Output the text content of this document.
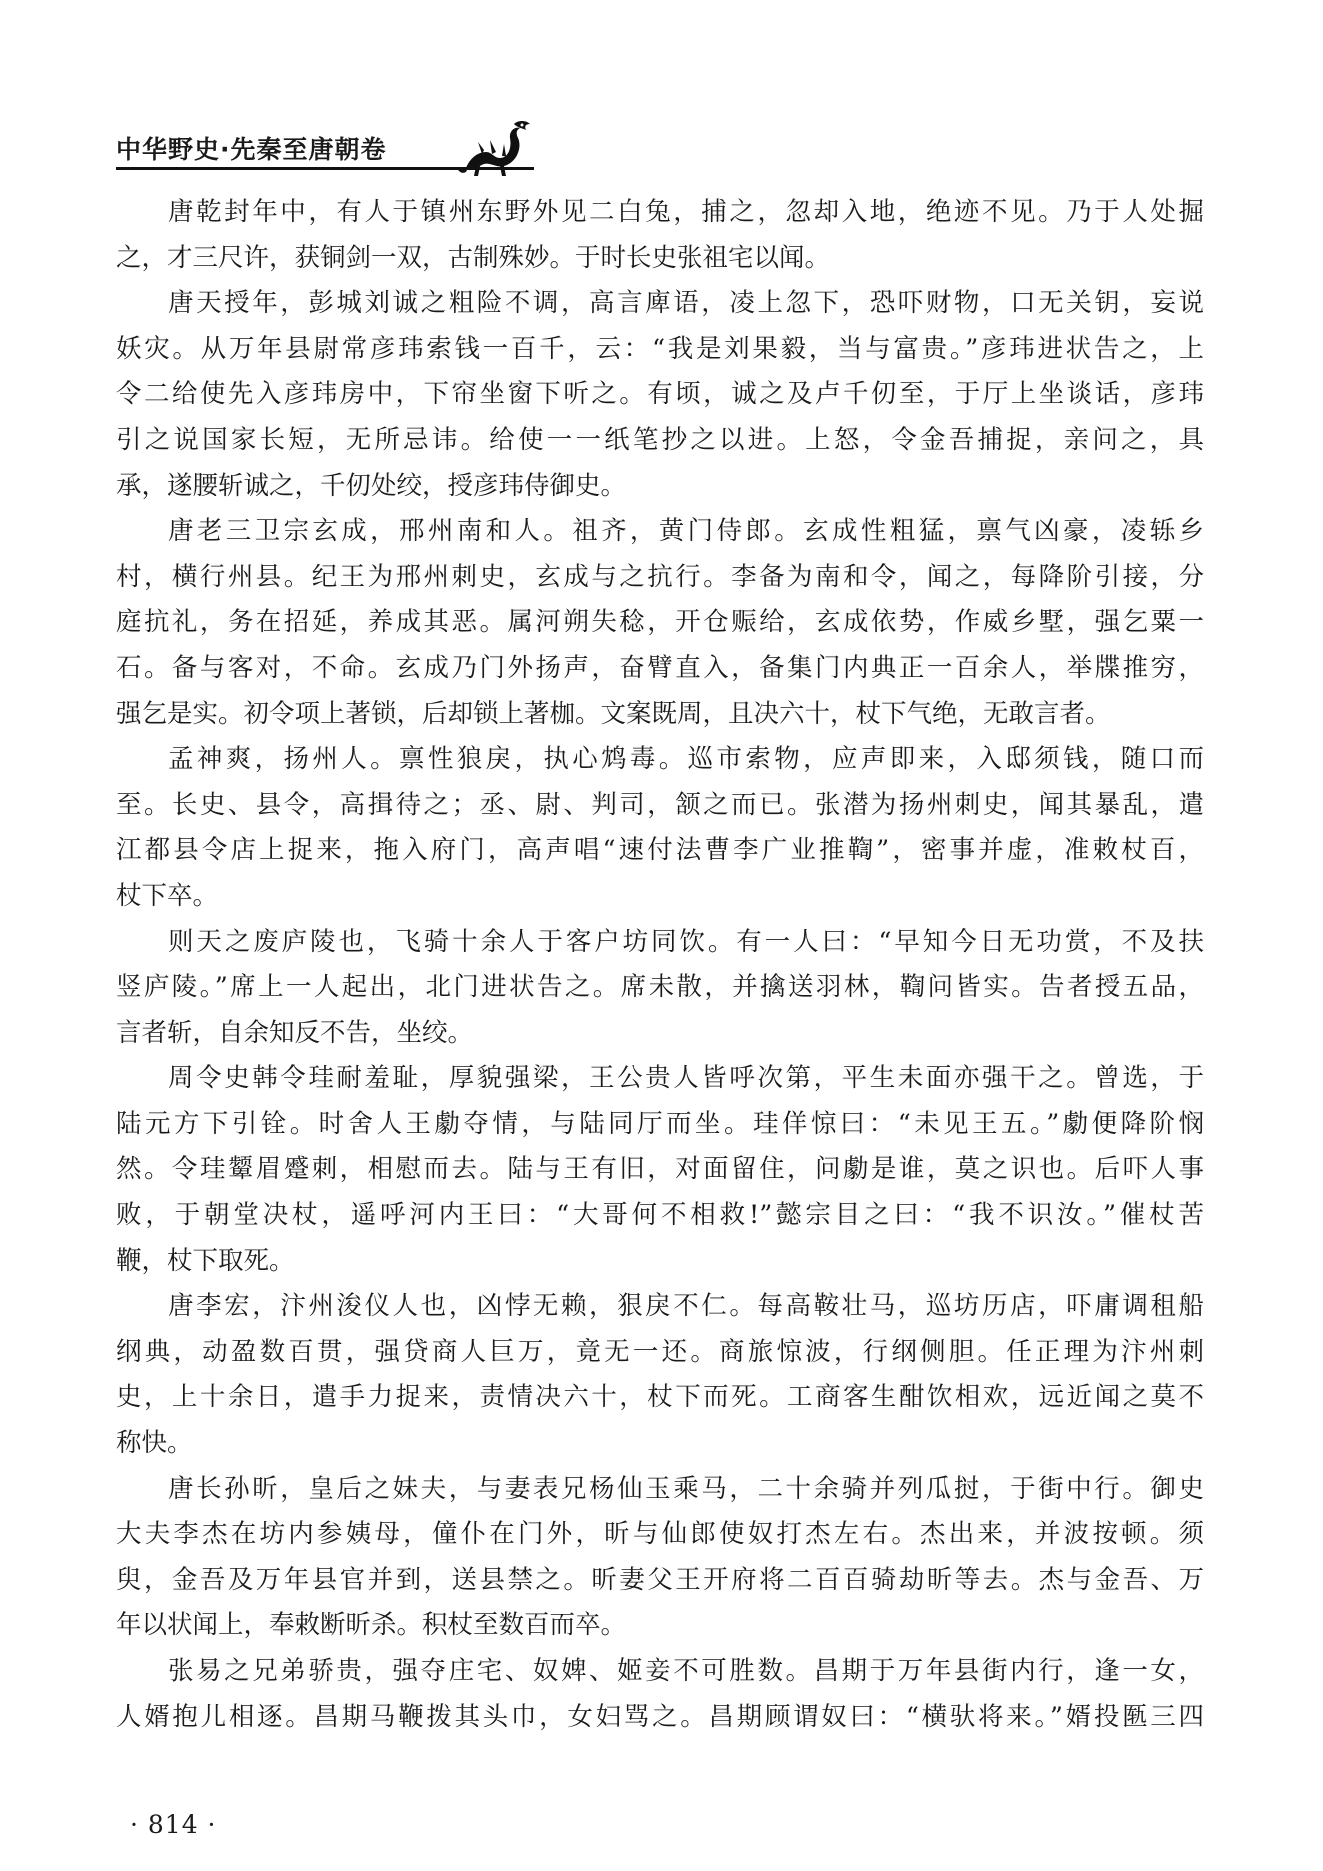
中华野史·先秦至唐朝卷
唐乾封年中，有人于镇州东野外见二白兔，捕之，忽却入地，绝迹不见。乃于人处掘
之，才三尺许，获铜剑一双，古制殊妙。于时长史张祖宅以闻。
唐天授年，彭城刘诚之粗险不调，高言庳语，凌上忽下，恐吓财物，口无关钥，妄说
妖灾。从万年县尉常彦玮索钱一百千，云：“我是刘果毅，当与富贵。”彦玮进状告之，上
令二给使先入彦玮房中，下帘坐窗下听之。有顷，诚之及卢千仞至，于厅上坐谈话，彦玮
引之说国家长短，无所忌讳。给使一一纸笔抄之以进。上怒，令金吾捕捉，亲问之，具
承，遂腰斩诚之，千仞处绞，授彦玮侍御史。
唐老三卫宗玄成，邢州南和人。祖齐，黄门侍郎。玄成性粗猛，禀气凶豪，凌轹乡
村，横行州县。纪王为邢州刺史，玄成与之抗行。李备为南和令，闻之，每降阶引接，分
庭抗礼，务在招延，养成其恶。属河朔失稔，开仓赈给，玄成依势，作威乡墅，强乞粟一
石。备与客对，不命。玄成乃门外扬声，奋臂直入，备集门内典正一百余人，举牒推穷，
强乞是实。初令项上著锁，后却锁上著枷。文案既周，且决六十，杖下气绝，无敢言者。
孟神爽，扬州人。禀性狼戾，执心鸩毒。巡市索物，应声即来，入邸须钱，随口而
至。长史、县令，高揖待之；丞、尉、判司，颔之而已。张潜为扬州刺史，闻其暴乱，遣
江都县令店上捉来，拖入府门，高声唱“速付法曹李广业推鞫”，密事并虚，准敕杖百，
杖下卒。
则天之废庐陵也，飞骑十余人于客户坊同饮。有一人曰：“早知今日无功赏，不及扶
竖庐陵。”席上一人起出，北门进状告之。席未散，并擒送羽林，鞫问皆实。告者授五品，
言者斩，自余知反不告，坐绞。
周令史韩令珪耐羞耻，厚貌强梁，王公贵人皆呼次第，平生未面亦强干之。曾选，于
陆元方下引铨。时舍人王勮夺情，与陆同厅而坐。珪佯惊曰：“未见王五。”勮便降阶悯
然。令珪颦眉蹙刺，相慰而去。陆与王有旧，对面留住，问勮是谁，莫之识也。后吓人事
败，于朝堂决杖，遥呼河内王曰：“大哥何不相救!”懿宗目之曰：“我不识汝。”催杖苦
鞭，杖下取死。
唐李宏，汴州浚仪人也，凶悖无赖，狠戾不仁。每高鞍壮马，巡坊历店，吓庸调租船
纲典，动盈数百贯，强贷商人巨万，竟无一还。商旅惊波，行纲侧胆。任正理为汴州刺
史，上十余日，遣手力捉来，责情决六十，杖下而死。工商客生酣饮相欢，远近闻之莫不
称快。
唐长孙昕，皇后之妹夫，与妻表兄杨仙玉乘马，二十余骑并列瓜挝，于街中行。御史
大夫李杰在坊内参姨母，僮仆在门外，昕与仙郎使奴打杰左右。杰出来，并波按顿。须
臾，金吾及万年县官并到，送县禁之。昕妻父王开府将二百百骑劫昕等去。杰与金吾、万
年以状闻上，奉敕断昕杀。积杖至数百而卒。
张易之兄弟骄贵，强夺庄宅、奴婢、姬妾不可胜数。昌期于万年县街内行，逢一女，
人婿抱儿相逐。昌期马鞭拨其头巾，女妇骂之。昌期顾谓奴曰：“横驮将来。”婿投匦三四
· 814 ·
